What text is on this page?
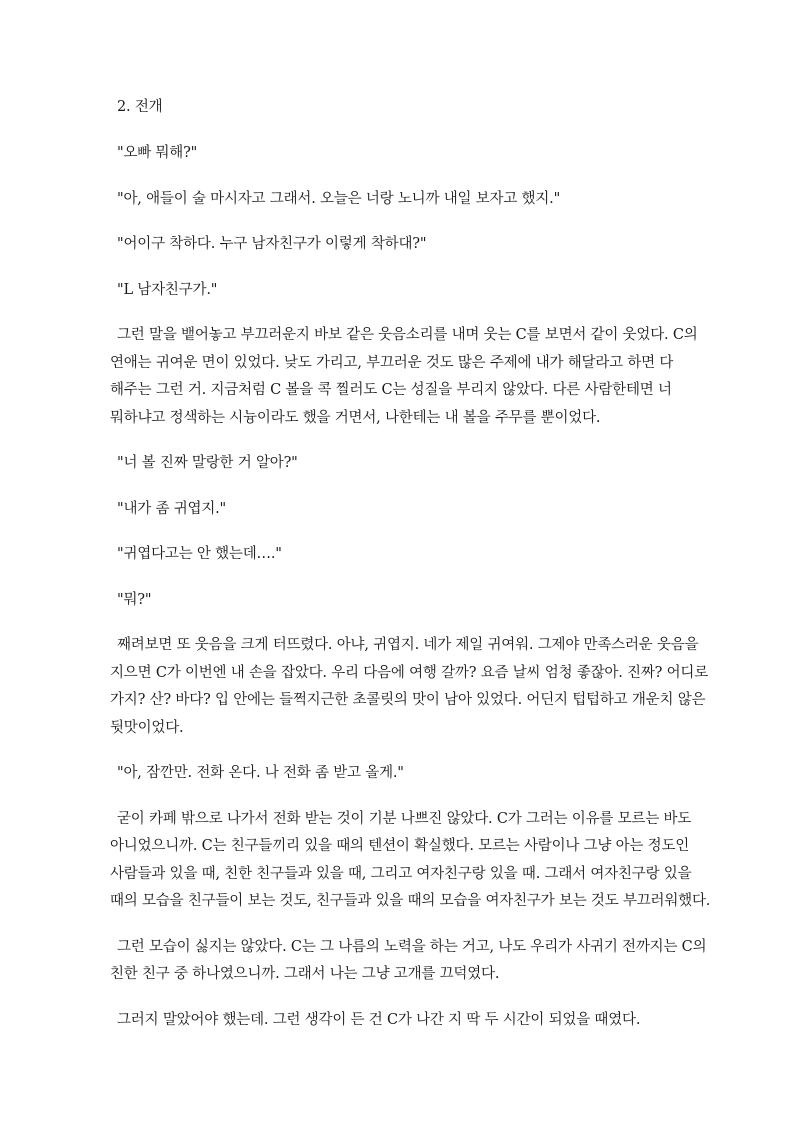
2. 전개

"오빠 뭐해?"

"아, 애들이 술 마시자고 그래서. 오늘은 너랑 노니까 내일 보자고 했지."

"어이구 착하다. 누구 남자친구가 이렇게 착하대?"

"L 남자친구가."

그런 말을 뱉어놓고 부끄러운지 바보 같은 웃음소리를 내며 웃는 C를 보면서 같이 웃었다. C의
연애는 귀여운 면이 있었다. 낮도 가리고, 부끄러운 것도 많은 주제에 내가 해달라고 하면 다
해주는 그런 거. 지금처럼 C 볼을 콕 찔러도 C는 성질을 부리지 않았다. 다른 사람한테면 너
뭐하냐고 정색하는 시늉이라도 했을 거면서, 나한테는 내 볼을 주무를 뿐이었다.

"너 볼 진짜 말랑한 거 알아?"

"내가 좀 귀엽지."

"귀엽다고는 안 했는데…."

"뭐?"

째려보면 또 웃음을 크게 터뜨렸다. 아냐, 귀엽지. 네가 제일 귀여워. 그제야 만족스러운 웃음을
지으면 C가 이번엔 내 손을 잡았다. 우리 다음에 여행 갈까? 요즘 날씨 엄청 좋잖아. 진짜? 어디로
가지? 산? 바다? 입 안에는 들쩍지근한 초콜릿의 맛이 남아 있었다. 어딘지 텁텁하고 개운치 않은
뒷맛이었다.

"아, 잠깐만. 전화 온다. 나 전화 좀 받고 올게."

굳이 카페 밖으로 나가서 전화 받는 것이 기분 나쁘진 않았다. C가 그러는 이유를 모르는 바도
아니었으니까. C는 친구들끼리 있을 때의 텐션이 확실했다. 모르는 사람이나 그냥 아는 정도인
사람들과 있을 때, 친한 친구들과 있을 때, 그리고 여자친구랑 있을 때. 그래서 여자친구랑 있을
때의 모습을 친구들이 보는 것도, 친구들과 있을 때의 모습을 여자친구가 보는 것도 부끄러워했다.

그런 모습이 싫지는 않았다. C는 그 나름의 노력을 하는 거고, 나도 우리가 사귀기 전까지는 C의
친한 친구 중 하나였으니까. 그래서 나는 그냥 고개를 끄덕였다.

그러지 말았어야 했는데. 그런 생각이 든 건 C가 나간 지 딱 두 시간이 되었을 때였다.
